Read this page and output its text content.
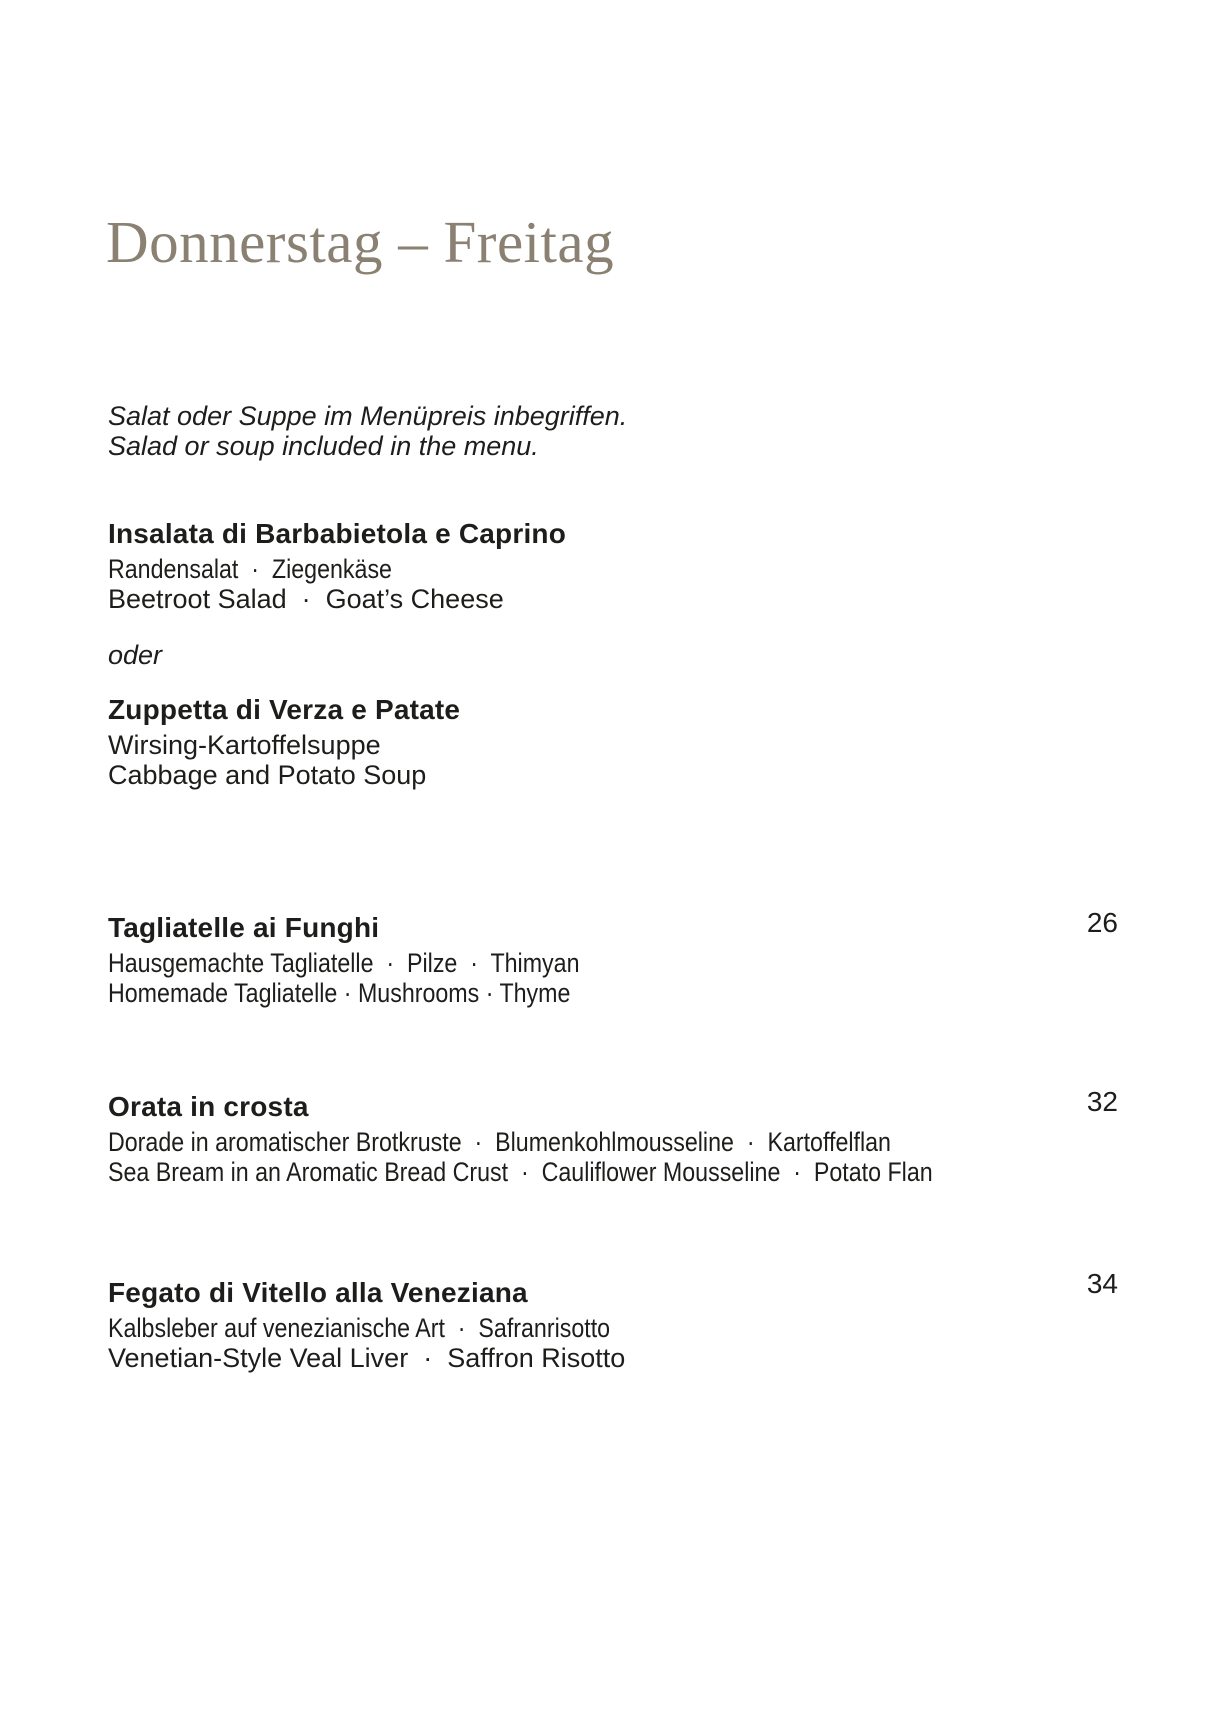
Donnerstag – Freitag

Salat oder Suppe im Menüpreis inbegriffen.

Salad or soup included in the menu.

Insalata di Barbabietola e Caprino

Randensalat  ·  Ziegenkäse

Beetroot Salad  ·  Goat’s Cheese

oder

Zuppetta di Verza e Patate

Wirsing-Kartoffelsuppe

Cabbage and Potato Soup

26
Tagliatelle ai Funghi

Hausgemachte Tagliatelle  ·  Pilze  ·  Thimyan

Homemade Tagliatelle · Mushrooms · Thyme

32
Orata in crosta

Dorade in aromatischer Brotkruste  ·  Blumenkohlmousseline  ·  Kartoffelflan

Sea Bream in an Aromatic Bread Crust  ·  Cauliflower Mousseline  ·  Potato Flan

34
Fegato di Vitello alla Veneziana

Kalbsleber auf venezianische Art  ·  Safranrisotto

Venetian-Style Veal Liver  ·  Saffron Risotto
